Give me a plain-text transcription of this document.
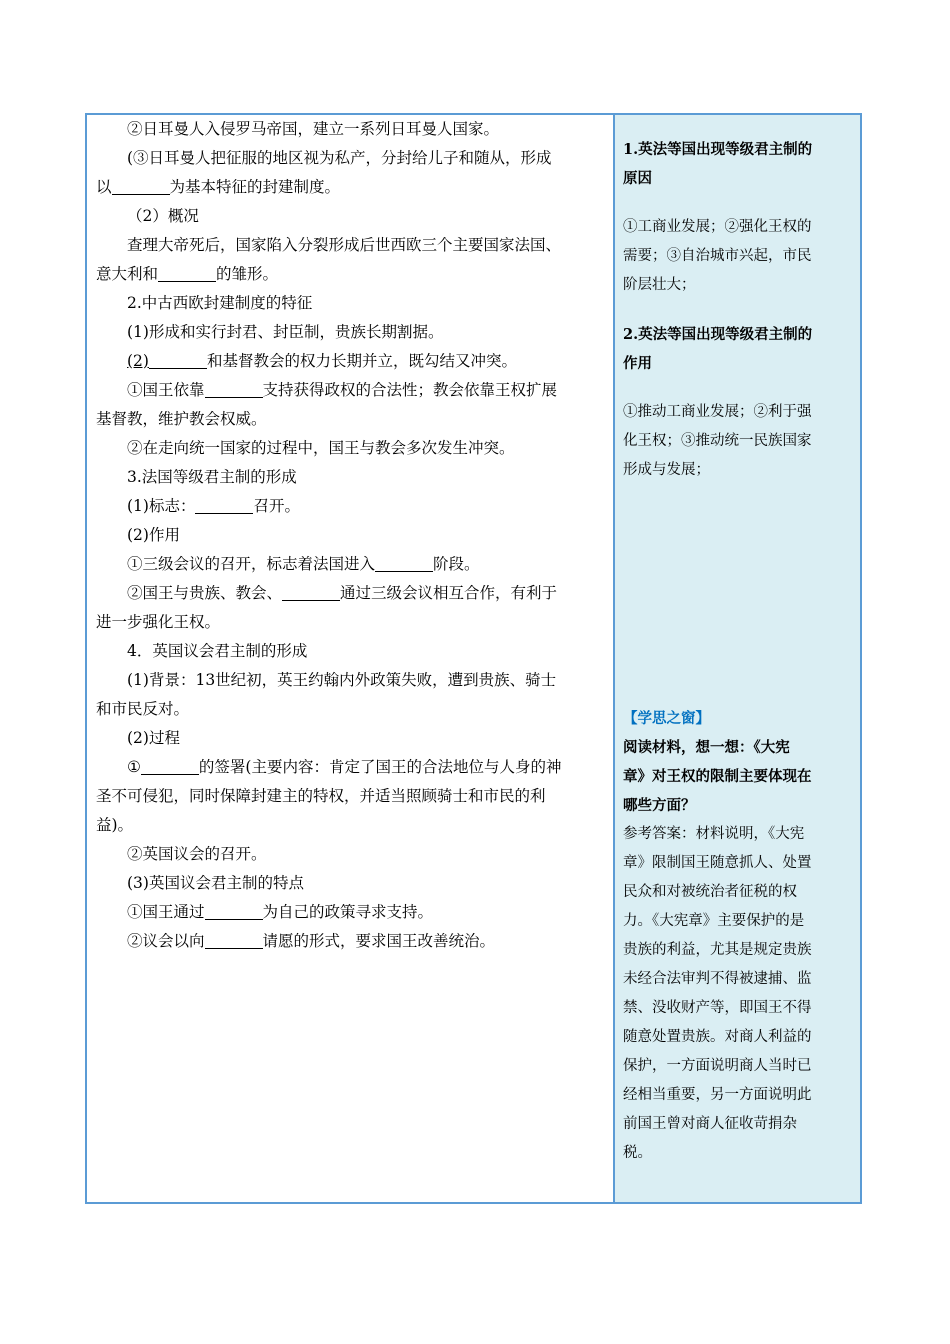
②日耳曼人入侵罗马帝国，建立一系列日耳曼人国家。

(③日耳曼人把征服的地区视为私产，分封给儿子和随从，形成

以	为基本特征的封建制度。

（2）概况

查理大帝死后，国家陷入分裂形成后世西欧三个主要国家法国、

意大利和	的雏形。

2.中古西欧封建制度的特征

(1)形成和实行封君、封臣制，贵族长期割据。

(2)	和基督教会的权力长期并立，既勾结又冲突。

①国王依靠	支持获得政权的合法性；教会依靠王权扩展

基督教，维护教会权威。

②在走向统一国家的过程中，国王与教会多次发生冲突。

3.法国等级君主制的形成

(1)标志：	召开。

(2)作用

①三级会议的召开，标志着法国进入	阶段。

②国王与贵族、教会、	通过三级会议相互合作，有利于

进一步强化王权。

4．英国议会君主制的形成

(1)背景：13世纪初，英王约翰内外政策失败，遭到贵族、骑士

和市民反对。

(2)过程

①	的签署(主要内容：肯定了国王的合法地位与人身的神

圣不可侵犯，同时保障封建主的特权，并适当照顾骑士和市民的利

益)。

②英国议会的召开。

(3)英国议会君主制的特点

①国王通过	为自己的政策寻求支持。

②议会以向	请愿的形式，要求国王改善统治。

1.英法等国出现等级君主制的

原因

①工商业发展；②强化王权的

需要；③自治城市兴起，市民

阶层壮大；

2.英法等国出现等级君主制的

作用

①推动工商业发展；②利于强

化王权；③推动统一民族国家

形成与发展；

【学思之窗】

阅读材料，想一想：《大宪

章》对王权的限制主要体现在

哪些方面？

参考答案：材料说明，《大宪

章》限制国王随意抓人、处置

民众和对被统治者征税的权

力。《大宪章》主要保护的是

贵族的利益，尤其是规定贵族

未经合法审判不得被逮捕、监

禁、没收财产等，即国王不得

随意处置贵族。对商人利益的

保护，一方面说明商人当时已

经相当重要，另一方面说明此

前国王曾对商人征收苛捐杂

税。
